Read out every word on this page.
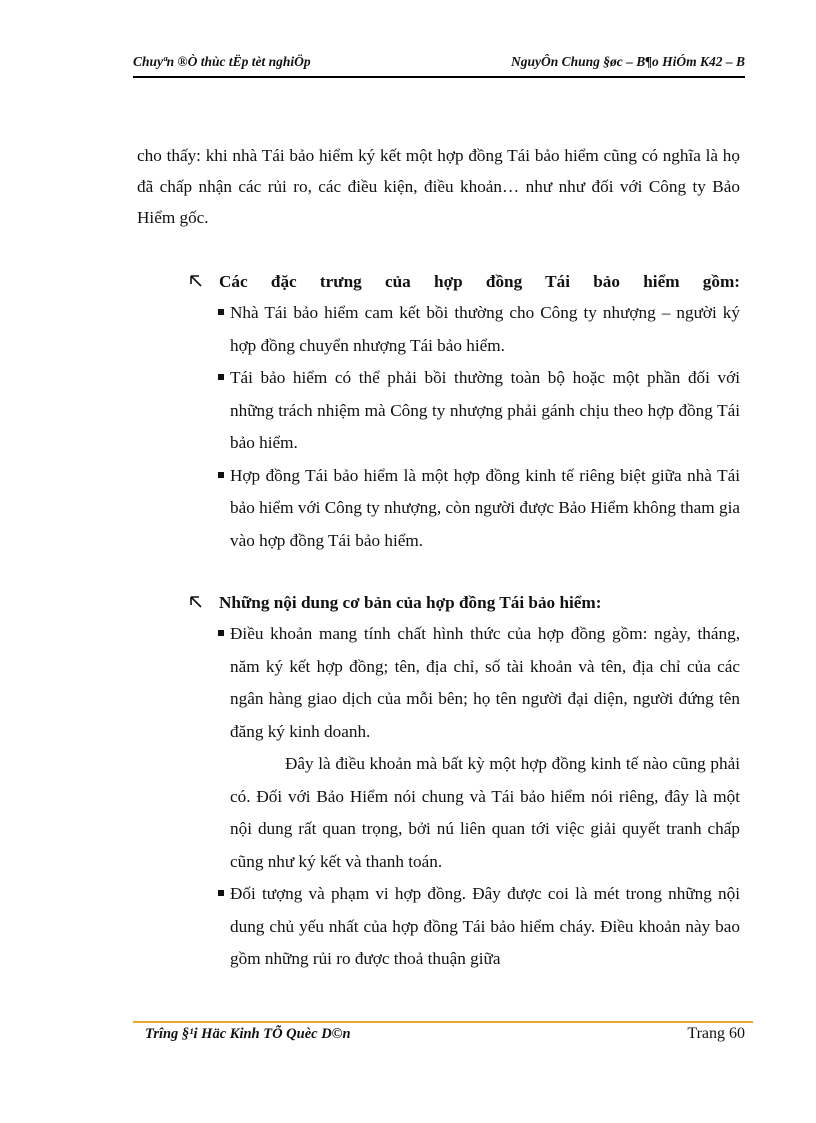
Chuyªn ®Ò thùc tËp tèt nghiÖp	NguyÔn Chung §øc – B¶o HiÓm K42 – B

cho thấy: khi nhà Tái bảo hiểm ký kết một hợp đồng Tái bảo hiểm cũng có nghĩa là họ đã chấp nhận các rủi ro, các điều kiện, điều khoản… như như đối với Công ty Bảo Hiểm gốc.

Các đặc trưng của hợp đồng Tái bảo hiểm gồm:
Nhà Tái bảo hiểm cam kết bồi thường cho Công ty nhượng – người ký hợp đồng chuyển nhượng Tái bảo hiểm.
Tái bảo hiểm có thể phải bồi thường toàn bộ hoặc một phần đối với những trách nhiệm mà Công ty nhượng phải gánh chịu theo hợp đồng Tái bảo hiểm.
Hợp đồng Tái bảo hiểm là một hợp đồng kinh tế riêng biệt giữa nhà Tái bảo hiểm với Công ty nhượng, còn người được Bảo Hiểm không tham gia vào hợp đồng Tái bảo hiểm.
Những nội dung cơ bản của hợp đồng Tái bảo hiểm:
Điều khoản mang tính chất hình thức của hợp đồng gồm: ngày, tháng, năm ký kết hợp đồng; tên, địa chỉ, số tài khoản và tên, địa chỉ của các ngân hàng giao dịch của mỗi bên; họ tên người đại diện, người đứng tên đăng ký kinh doanh.
Đây là điều khoản mà bất kỳ một hợp đồng kinh tế nào cũng phải có. Đối với Bảo Hiểm nói chung và Tái bảo hiểm nói riêng, đây là một nội dung rất quan trọng, bởi nú liên quan tới việc giải quyết tranh chấp cũng như ký kết và thanh toán.
Đối tượng và phạm vi hợp đồng. Đây được coi là mét trong những nội dung chủ yếu nhất của hợp đồng Tái bảo hiểm cháy. Điều khoản này bao gồm những rủi ro được thoả thuận giữa
Trîng §¹i Häc Kinh TÕ Quèc D©n	Trang 60
